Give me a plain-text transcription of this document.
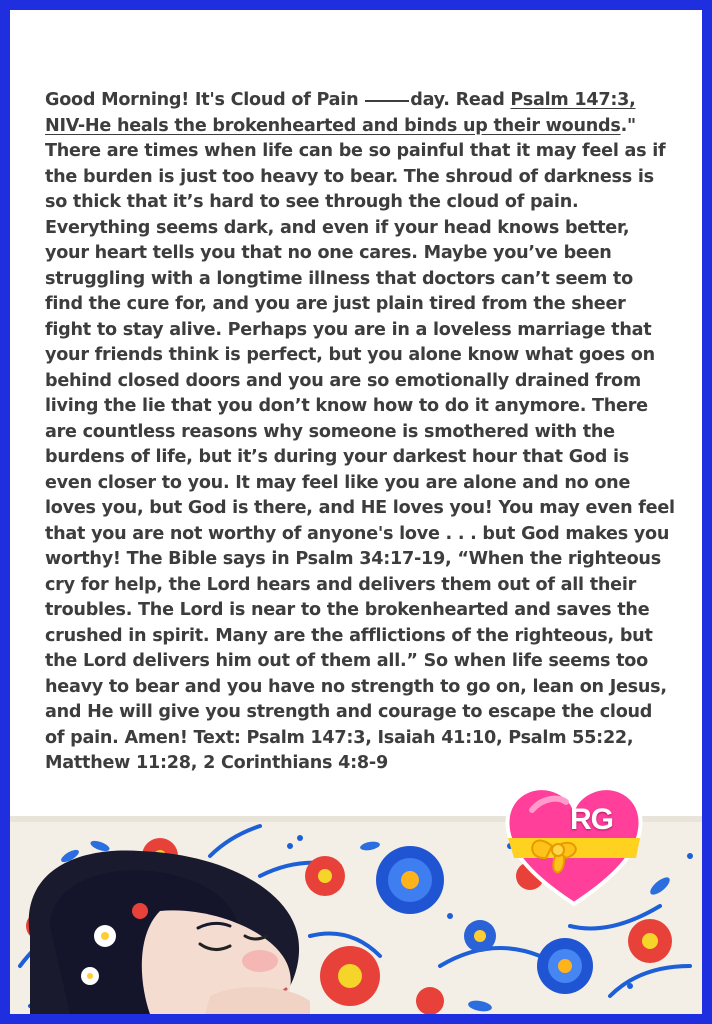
Good Morning! It's Cloud of Pain	day. Read Psalm 147:3, NIV-He heals the brokenhearted and binds up their wounds." There are times when life can be so painful that it may feel as if the burden is just too heavy to bear. The shroud of darkness is so thick that it’s hard to see through the cloud of pain. Everything seems dark, and even if your head knows better, your heart tells you that no one cares. Maybe you’ve been struggling with a longtime illness that doctors can’t seem to find the cure for, and you are just plain tired from the sheer fight to stay alive. Perhaps you are in a loveless marriage that your friends think is perfect, but you alone know what goes on behind closed doors and you are so emotionally drained from living the lie that you don’t know how to do it anymore. There are countless reasons why someone is smothered with the burdens of life, but it’s during your darkest hour that God is even closer to you. It may feel like you are alone and no one loves you, but God is there, and HE loves you! You may even feel that you are not worthy of anyone's love . . . but God makes you worthy! The Bible says in Psalm 34:17-19, “When the righteous cry for help, the Lord hears and delivers them out of all their troubles. The Lord is near to the brokenhearted and saves the crushed in spirit. Many are the afflictions of the righteous, but the Lord delivers him out of them all.” So when life seems too heavy to bear and you have no strength to go on, lean on Jesus, and He will give you strength and courage to escape the cloud of pain. Amen! Text: Psalm 147:3, Isaiah 41:10, Psalm 55:22, Matthew 11:28, 2 Corinthians 4:8-9
RG
